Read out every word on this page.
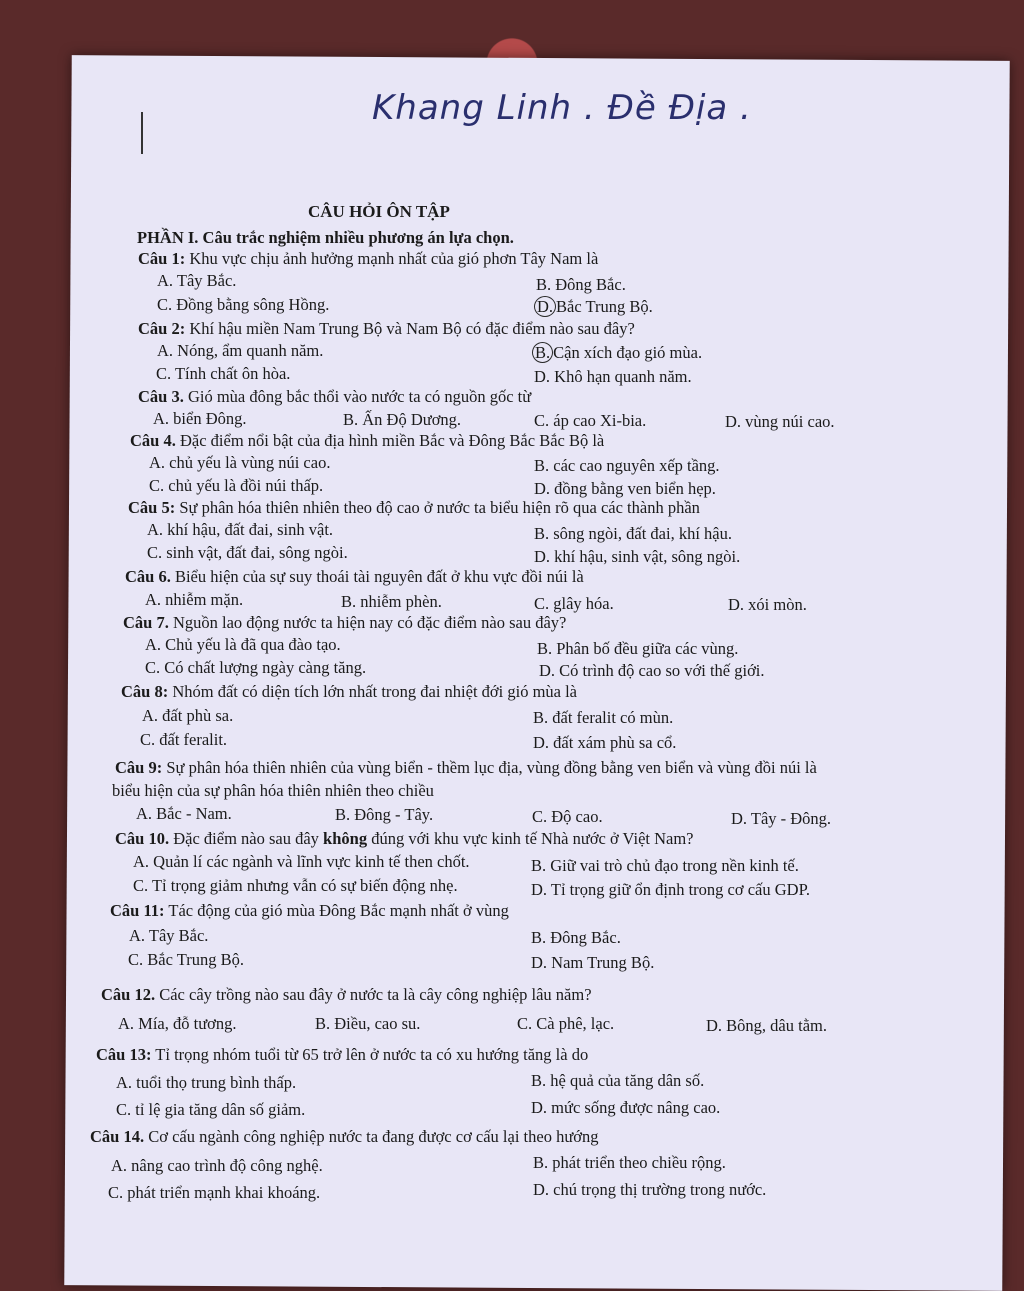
Khang Linh . Đề Địa .
CÂU HỎI ÔN TẬP
PHẦN I. Câu trắc nghiệm nhiều phương án lựa chọn.
Câu 1: Khu vực chịu ảnh hưởng mạnh nhất của gió phơn Tây Nam là
A. Tây Bắc.	B. Đông Bắc.
C. Đồng bằng sông Hồng.	D. Bắc Trung Bộ.
Câu 2: Khí hậu miền Nam Trung Bộ và Nam Bộ có đặc điểm nào sau đây?
A. Nóng, ẩm quanh năm.	B. Cận xích đạo gió mùa.
C. Tính chất ôn hòa.	D. Khô hạn quanh năm.
Câu 3. Gió mùa đông bắc thổi vào nước ta có nguồn gốc từ
A. biển Đông.	B. Ấn Độ Dương.	C. áp cao Xi-bia.	D. vùng núi cao.
Câu 4. Đặc điểm nổi bật của địa hình miền Bắc và Đông Bắc Bắc Bộ là
A. chủ yếu là vùng núi cao.	B. các cao nguyên xếp tầng.
C. chủ yếu là đồi núi thấp.	D. đồng bằng ven biển hẹp.
Câu 5: Sự phân hóa thiên nhiên theo độ cao ở nước ta biểu hiện rõ qua các thành phần
A. khí hậu, đất đai, sinh vật.	B. sông ngòi, đất đai, khí hậu.
C. sinh vật, đất đai, sông ngòi.	D. khí hậu, sinh vật, sông ngòi.
Câu 6. Biểu hiện của sự suy thoái tài nguyên đất ở khu vực đồi núi là
A. nhiễm mặn.	B. nhiễm phèn.	C. glây hóa.	D. xói mòn.
Câu 7. Nguồn lao động nước ta hiện nay có đặc điểm nào sau đây?
A. Chủ yếu là đã qua đào tạo.	B. Phân bố đều giữa các vùng.
C. Có chất lượng ngày càng tăng.	D. Có trình độ cao so với thế giới.
Câu 8: Nhóm đất có diện tích lớn nhất trong đai nhiệt đới gió mùa là
A. đất phù sa.	B. đất feralit có mùn.
C. đất feralit.	D. đất xám phù sa cổ.
Câu 9: Sự phân hóa thiên nhiên của vùng biển - thềm lục địa, vùng đồng bằng ven biển và vùng đồi núi là
biểu hiện của sự phân hóa thiên nhiên theo chiều
A. Bắc - Nam.	B. Đông - Tây.	C. Độ cao.	D. Tây - Đông.
Câu 10. Đặc điểm nào sau đây không đúng với khu vực kinh tế Nhà nước ở Việt Nam?
A. Quản lí các ngành và lĩnh vực kinh tế then chốt.	B. Giữ vai trò chủ đạo trong nền kinh tế.
C. Tỉ trọng giảm nhưng vẫn có sự biến động nhẹ.	D. Tỉ trọng giữ ổn định trong cơ cấu GDP.
Câu 11: Tác động của gió mùa Đông Bắc mạnh nhất ở vùng
A. Tây Bắc.	B. Đông Bắc.
C. Bắc Trung Bộ.	D. Nam Trung Bộ.
Câu 12. Các cây trồng nào sau đây ở nước ta là cây công nghiệp lâu năm?
A. Mía, đỗ tương.	B. Điều, cao su.	C. Cà phê, lạc.	D. Bông, dâu tằm.
Câu 13: Tỉ trọng nhóm tuổi từ 65 trở lên ở nước ta có xu hướng tăng là do
A. tuổi thọ trung bình thấp.	B. hệ quả của tăng dân số.
C. tỉ lệ gia tăng dân số giảm.	D. mức sống được nâng cao.
Câu 14. Cơ cấu ngành công nghiệp nước ta đang được cơ cấu lại theo hướng
A. nâng cao trình độ công nghệ.	B. phát triển theo chiều rộng.
C. phát triển mạnh khai khoáng.	D. chú trọng thị trường trong nước.
